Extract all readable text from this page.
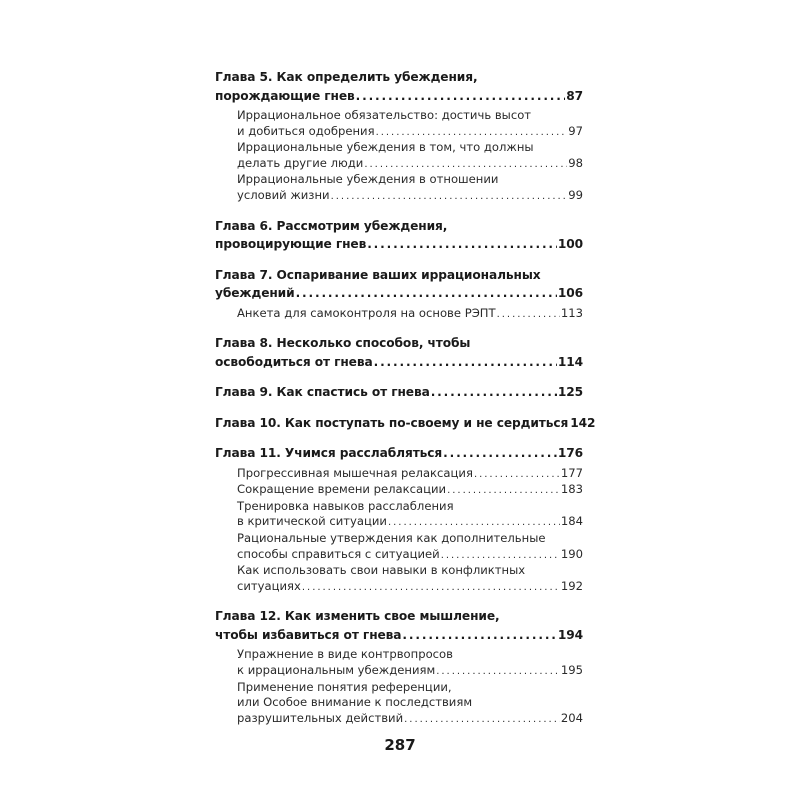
Глава 5. Как определить убеждения,
порождающие гнев . . .	87
Иррациональное обязательство: достичь высот
и добиться одобрения . . .	97
Иррациональные убеждения в том, что должны
делать другие люди . . .	98
Иррациональные убеждения в отношении
условий жизни . . .	99
Глава 6. Рассмотрим убеждения,
провоцирующие гнев . . .	100
Глава 7. Оспаривание ваших иррациональных
убеждений . . .	106
Анкета для самоконтроля на основе РЭПТ . . .	113
Глава 8. Несколько способов, чтобы
освободиться от гнева . . .	114
Глава 9. Как спастись от гнева . . .	125
Глава 10. Как поступать по-своему и не сердиться 142
Глава 11. Учимся расслабляться . . .	176
Прогрессивная мышечная релаксация . . .	177
Сокращение времени релаксации . . .	183
Тренировка навыков расслабления
в критической ситуации . . .	184
Рациональные утверждения как дополнительные
способы справиться с ситуацией . . .	190
Как использовать свои навыки в конфликтных
ситуациях . . .	192
Глава 12. Как изменить свое мышление,
чтобы избавиться от гнева . . .	194
Упражнение в виде контрвопросов
к иррациональным убеждениям . . .	195
Применение понятия референции,
или Особое внимание к последствиям
разрушительных действий . . .	204
287
